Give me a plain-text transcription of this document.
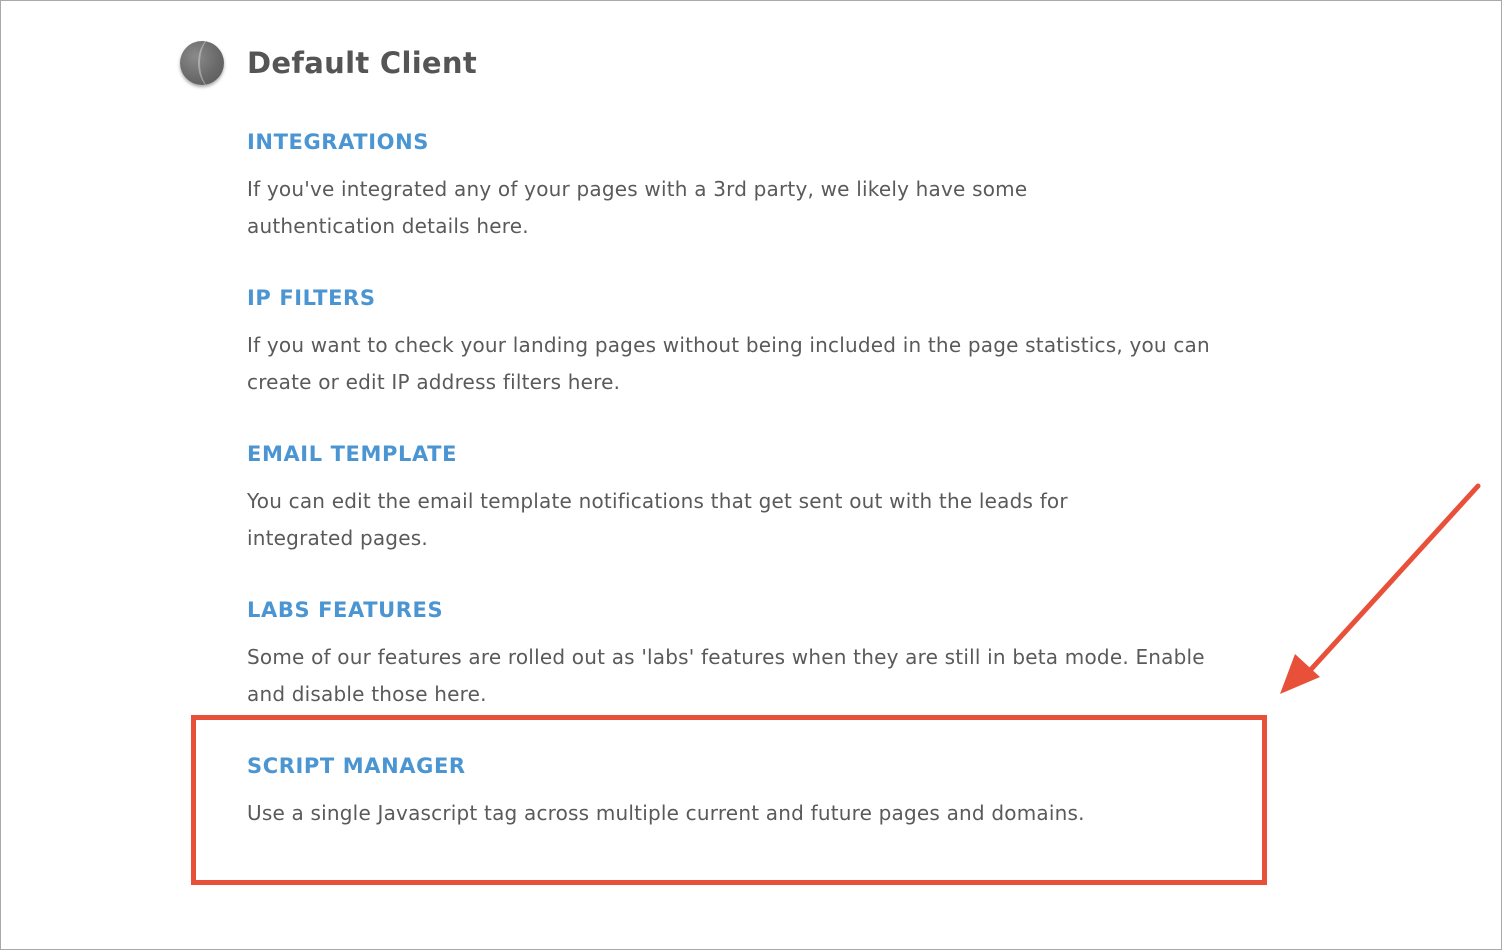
Default Client
INTEGRATIONS
If you've integrated any of your pages with a 3rd party, we likely have some authentication details here.
IP FILTERS
If you want to check your landing pages without being included in the page statistics, you can create or edit IP address filters here.
EMAIL TEMPLATE
You can edit the email template notifications that get sent out with the leads for integrated pages.
LABS FEATURES
Some of our features are rolled out as 'labs' features when they are still in beta mode. Enable and disable those here.
SCRIPT MANAGER
Use a single Javascript tag across multiple current and future pages and domains.
